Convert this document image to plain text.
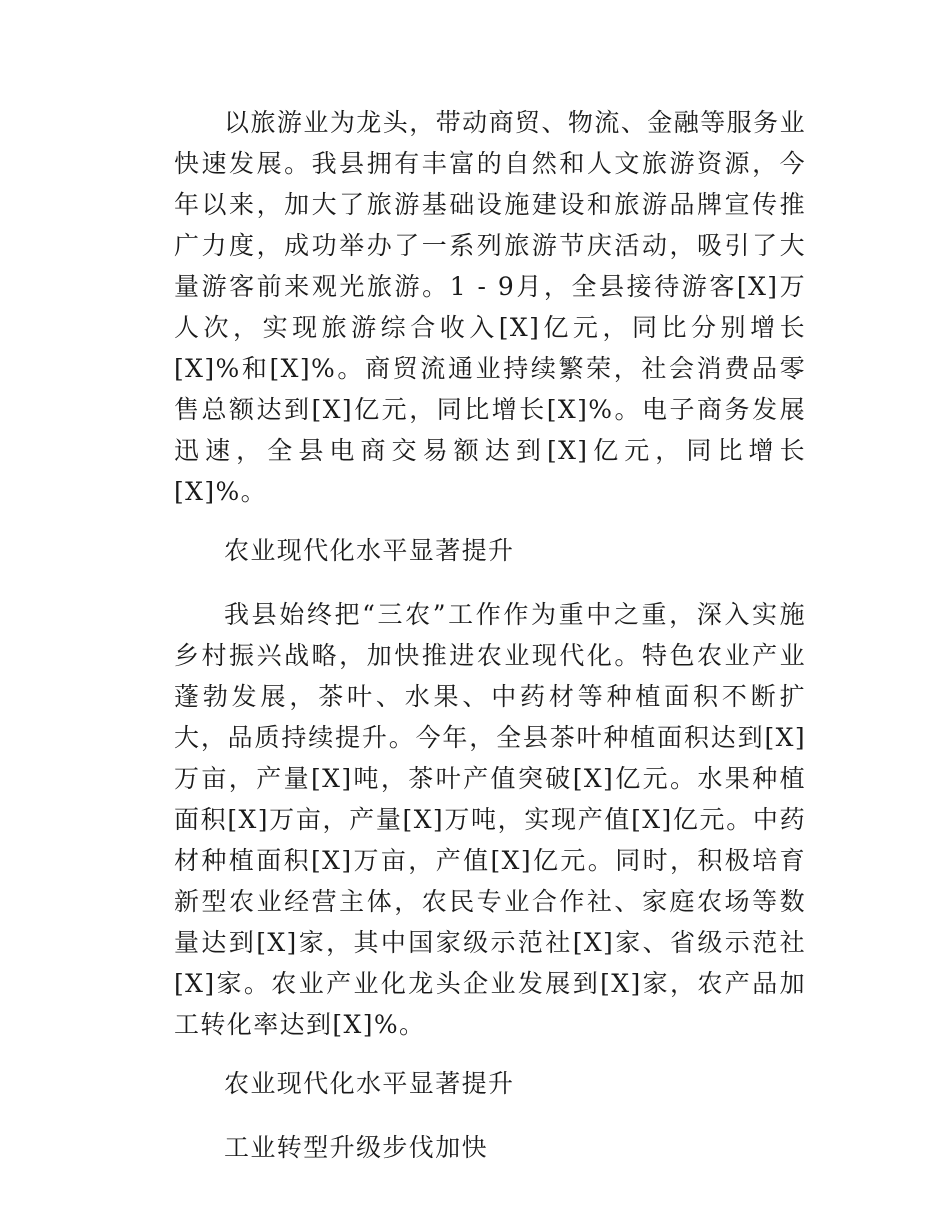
以旅游业为龙头，带动商贸、物流、金融等服务业快速发展。我县拥有丰富的自然和人文旅游资源，今年以来，加大了旅游基础设施建设和旅游品牌宣传推广力度，成功举办了一系列旅游节庆活动，吸引了大量游客前来观光旅游。1 - 9月，全县接待游客[X]万人次，实现旅游综合收入[X]亿元，同比分别增长[X]%和[X]%。商贸流通业持续繁荣，社会消费品零售总额达到[X]亿元，同比增长[X]%。电子商务发展迅速，全县电商交易额达到[X]亿元，同比增长[X]%。

农业现代化水平显著提升

我县始终把“三农”工作作为重中之重，深入实施乡村振兴战略，加快推进农业现代化。特色农业产业蓬勃发展，茶叶、水果、中药材等种植面积不断扩大，品质持续提升。今年，全县茶叶种植面积达到[X]万亩，产量[X]吨，茶叶产值突破[X]亿元。水果种植面积[X]万亩，产量[X]万吨，实现产值[X]亿元。中药材种植面积[X]万亩，产值[X]亿元。同时，积极培育新型农业经营主体，农民专业合作社、家庭农场等数量达到[X]家，其中国家级示范社[X]家、省级示范社[X]家。农业产业化龙头企业发展到[X]家，农产品加工转化率达到[X]%。

农业现代化水平显著提升

工业转型升级步伐加快
